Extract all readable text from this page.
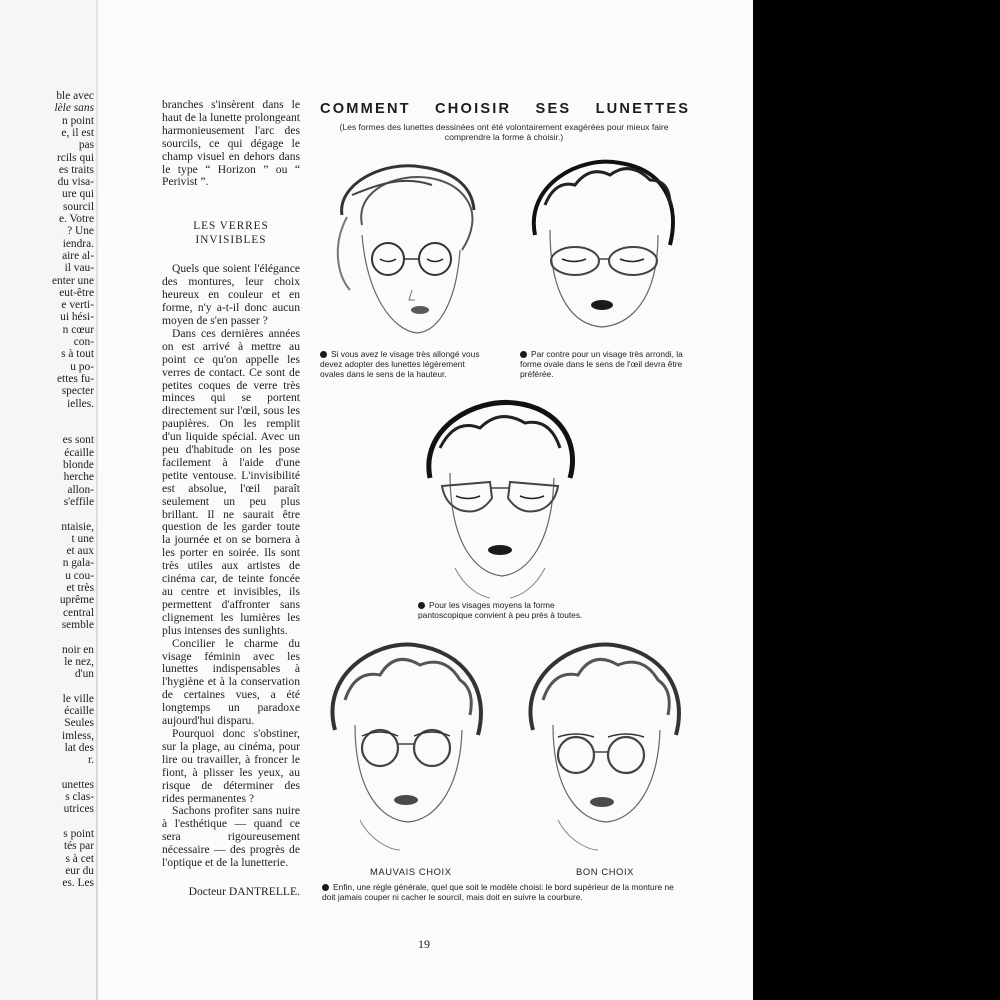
ble avec
lèle sans
n point
e, il est
pas
rcils qui
es traits
du visa-
ure qui
sourcil
e. Votre
? Une
iendra.
aire al-
il vau-
enter une
eut-être
e verti-
ui hési-
n cœur
con-
s à tout
u po-
ettes fu-
specter
ielles.
es sont
écaille
blonde
herche
allon-
s'effile
ntaisie,
t une
et aux
n gala-
u cou-
et très
uprême
central
semble
noir en
le nez,
d'un
le ville
écaille
Seules
imless,
lat des
r.
unettes
s clas-
utrices
s point
tés par
s à cet
eur du
es. Les

branches s'insèrent dans le haut de la lunette prolongeant harmonieusement l'arc des sourcils, ce qui dégage le champ visuel en dehors dans le type “ Horizon ” ou “ Perivist ”.

LES VERRES
INVISIBLES

Quels que soient l'élégance des montures, leur choix heureux en couleur et en forme, n'y a-t-il donc aucun moyen de s'en passer ?

Dans ces dernières années on est arrivé à mettre au point ce qu'on appelle les verres de contact. Ce sont de petites coques de verre très minces qui se portent directement sur l'œil, sous les paupières. On les remplit d'un liquide spécial. Avec un peu d'habitude on les pose facilement à l'aide d'une petite ventouse. L'invisibilité est absolue, l'œil paraît seulement un peu plus brillant. Il ne saurait être question de les garder toute la journée et on se bornera à les porter en soirée. Ils sont très utiles aux artistes de cinéma car, de teinte foncée au centre et invisibles, ils permettent d'affronter sans clignement les lumières les plus intenses des sunlights.

Concilier le charme du visage féminin avec les lunettes indispensables à l'hygiène et à la conservation de certaines vues, a été longtemps un paradoxe aujourd'hui disparu.

Pourquoi donc s'obstiner, sur la plage, au cinéma, pour lire ou travailler, à froncer le fiont, à plisser les yeux, au risque de déterminer des rides permanentes ?

Sachons profiter sans nuire à l'esthétique — quand ce sera rigoureusement nécessaire — des progrès de l'optique et de la lunetterie.

Docteur DANTRELLE.
COMMENT CHOISIR SES LUNETTES
(Les formes des lunettes dessinées ont été volontairement exagérées pour mieux faire comprendre la forme à choisir.)
Si vous avez le visage très allongé vous devez adopter des lunettes légèrement ovales dans le sens de la hauteur.
Par contre pour un visage très arrondi, la forme ovale dans le sens de l'œil devra être préférée.
Pour les visages moyens la forme pantoscopique convient à peu près à toutes.
MAUVAIS CHOIX	BON CHOIX
Enfin, une règle générale, quel que soit le modèle choisi: le bord supérieur de la monture ne doit jamais couper ni cacher le sourcil, mais doit en suivre la courbure.
19
